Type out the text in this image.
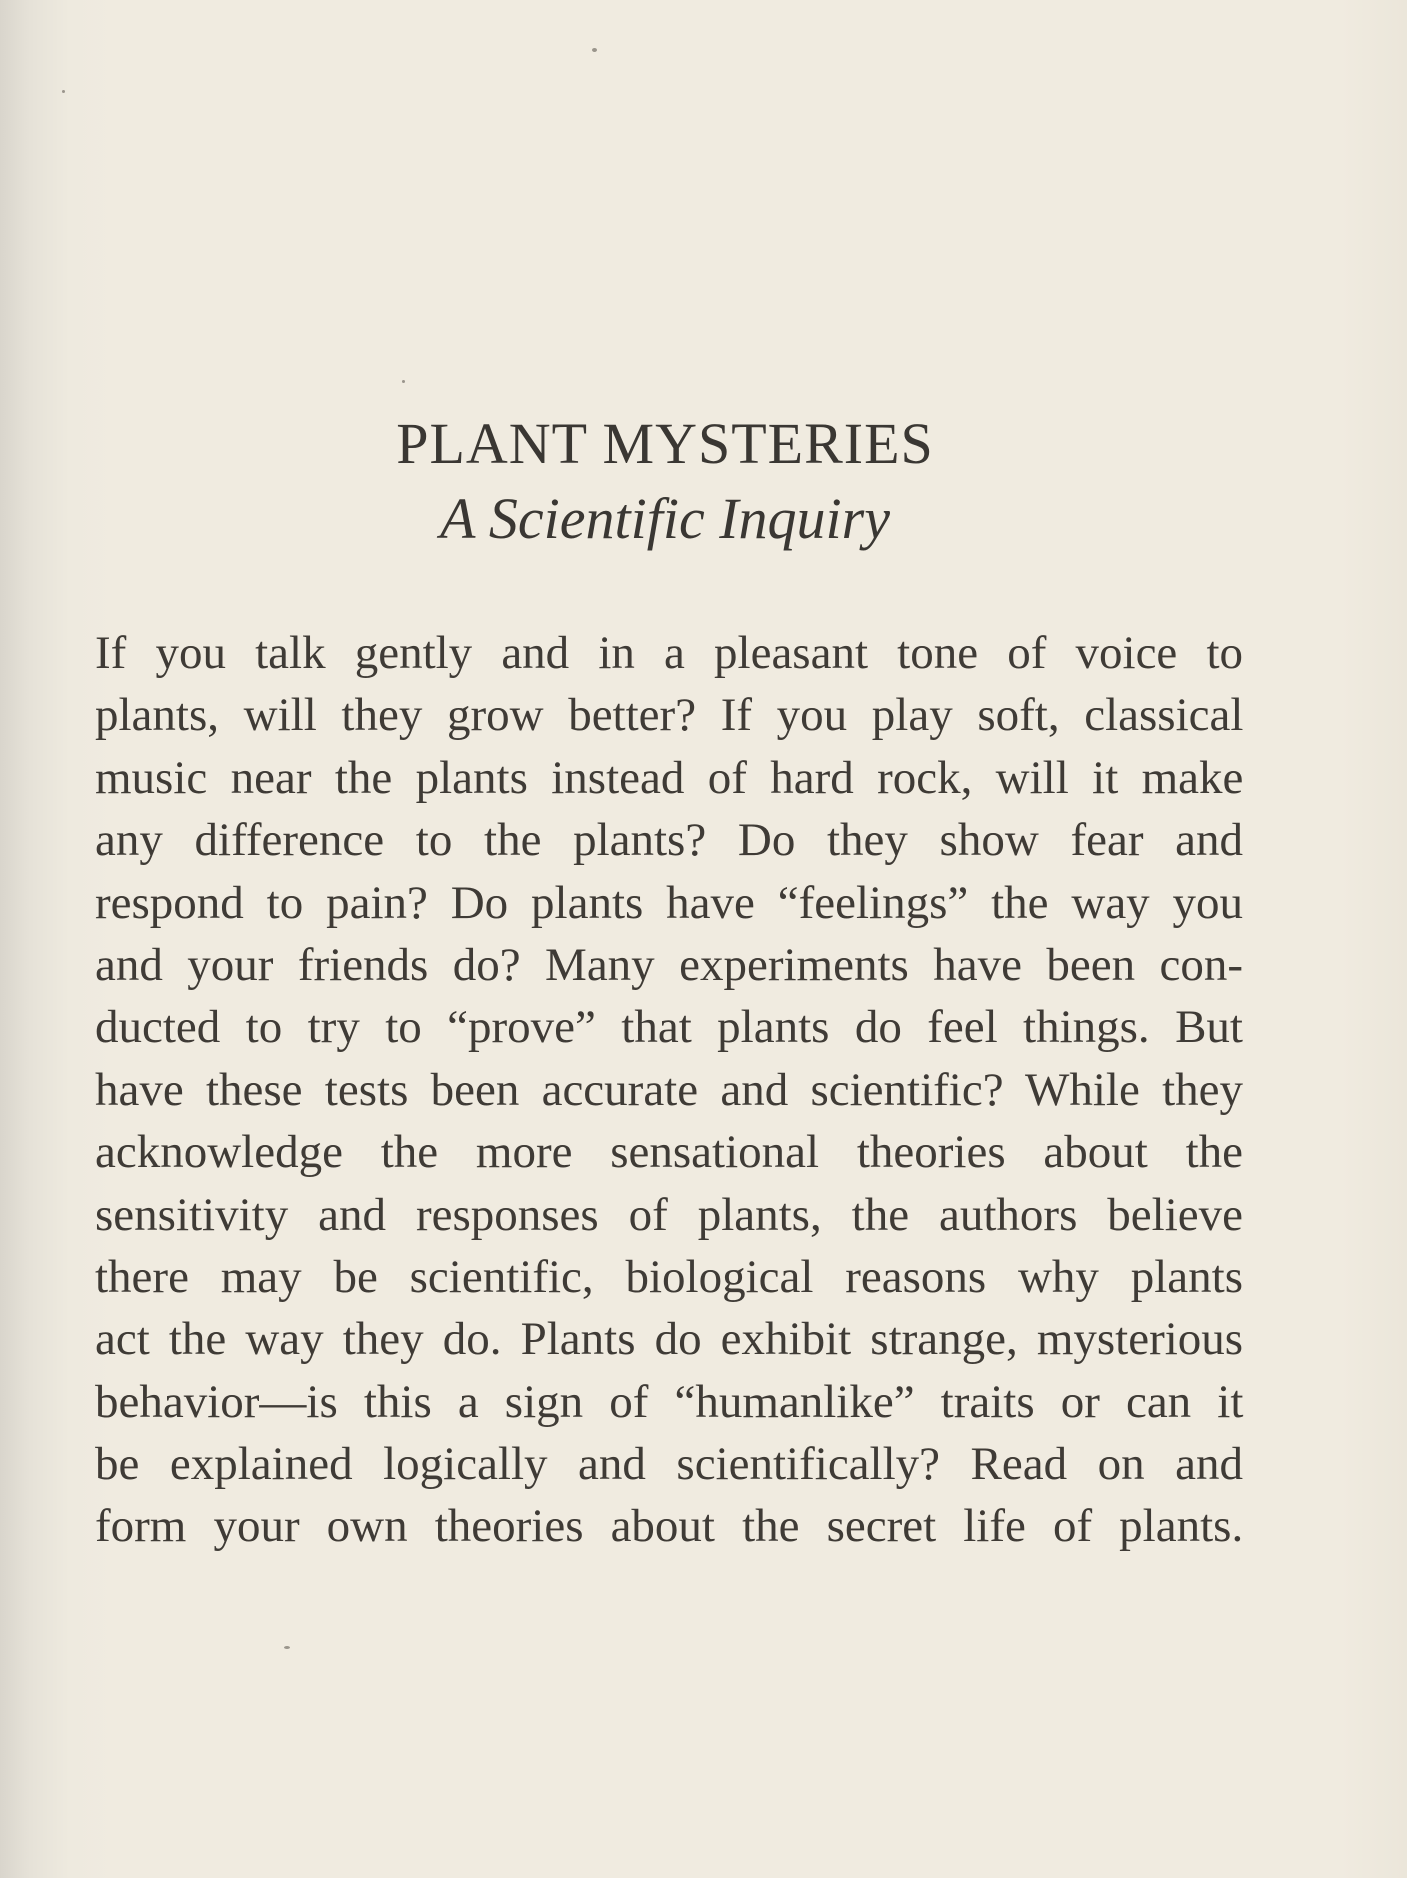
PLANT MYSTERIES
A Scientific Inquiry
If you talk gently and in a pleasant tone of voice to
plants, will they grow better? If you play soft, classical
music near the plants instead of hard rock, will it make
any difference to the plants? Do they show fear and
respond to pain? Do plants have “feelings” the way you
and your friends do? Many experiments have been con-
ducted to try to “prove” that plants do feel things. But
have these tests been accurate and scientific? While they
acknowledge the more sensational theories about the
sensitivity and responses of plants, the authors believe
there may be scientific, biological reasons why plants
act the way they do. Plants do exhibit strange, mysterious
behavior—is this a sign of “humanlike” traits or can it
be explained logically and scientifically? Read on and
form your own theories about the secret life of plants.
